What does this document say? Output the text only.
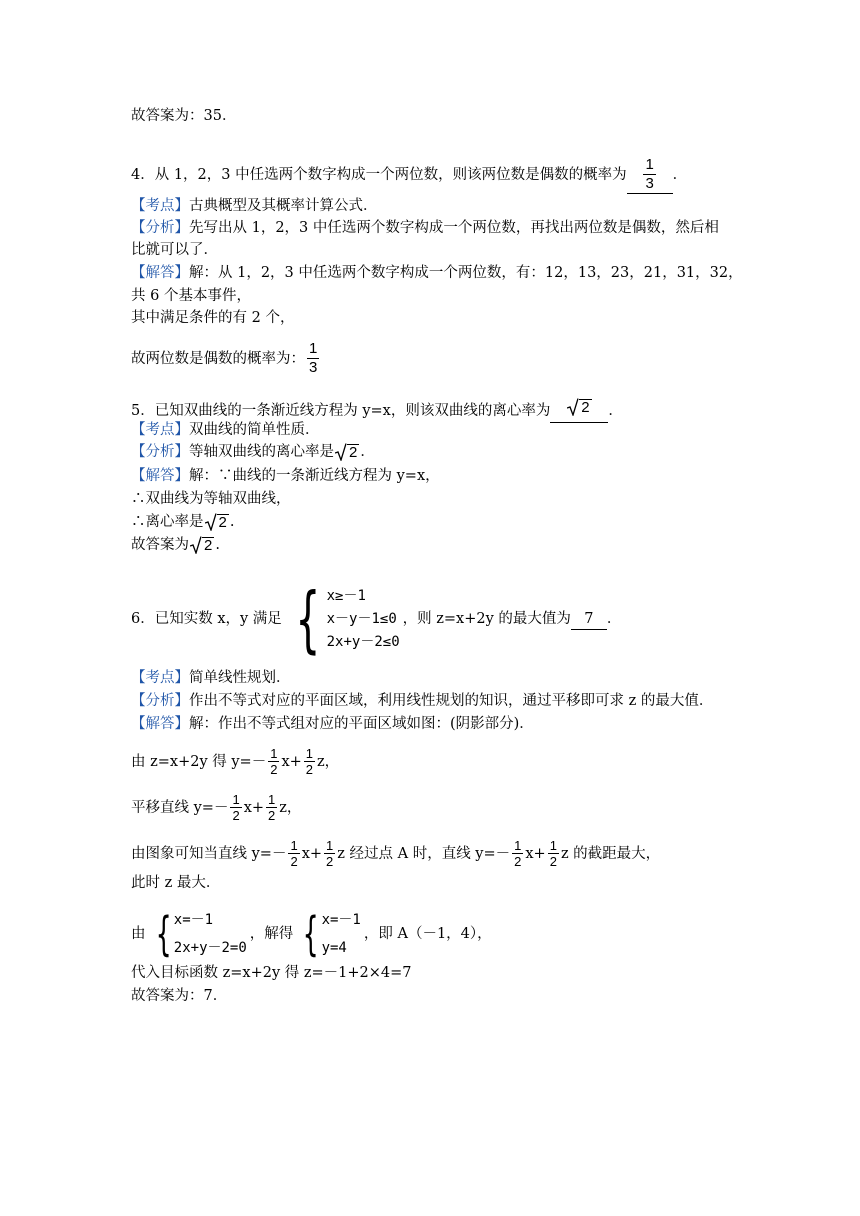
故答案为：35．
4．从 1，2，3 中任选两个数字构成一个两位数，则该两位数是偶数的概率为 $\frac{1}{3}$ ．
【考点】 古典概型及其概率计算公式．
【分析】 先写出从 1，2，3 中任选两个数字构成一个两位数，再找出两位数是偶数，然后相
比就可以了．
【解答】 解：从 1，2，3 中任选两个数字构成一个两位数，有：12，13，23，21，31，32，
共 6 个基本事件，
其中满足条件的有 2 个，
故两位数是偶数的概率为： $\frac{1}{3}$
5．已知双曲线的一条渐近线方程为 y=x，则该双曲线的离心率为 2 ．
【考点】 双曲线的简单性质．
【分析】 等轴双曲线的离心率是 2 ．
【解答】 解：∵曲线的一条渐近线方程为 y=x，
∴双曲线为等轴双曲线，
∴离心率是 2 .
故答案为 2 .
6．已知实数 x，y 满足 { x≥－1
x－y－1≤0
2x+y－2≤0
，则 z=x+2y 的最大值为 7 ．
【考点】 简单线性规划．
【分析】 作出不等式对应的平面区域，利用线性规划的知识，通过平移即可求 z 的最大值．
【解答】 解：作出不等式组对应的平面区域如图：(阴影部分)．
由 z=x+2y 得 $y=- \frac{1}{2} x+ \frac{1}{2}$ z，
平移直线 $y=- \frac{1}{2} x+ \frac{1}{2}$ z，
由图象可知当直线 $y=- \frac{1}{2} x+ \frac{1}{2}$ z 经过点 A 时，直线 $y=- \frac{1}{2} x+ \frac{1}{2}$ z 的截距最大，
此时 z 最大．
由 { x=－1
2x+y－2=0
，解得 { x=－1
y=4
，即 A（－1，4），
代入目标函数 z=x+2y 得 z=－1+2×4=7
故答案为：7．
